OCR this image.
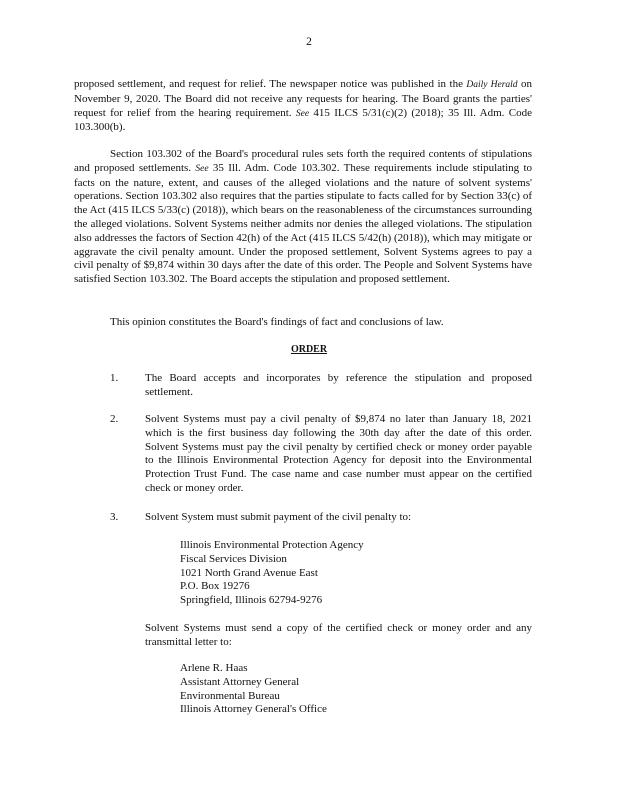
2

proposed settlement, and request for relief. The newspaper notice was published in the Daily Herald on November 9, 2020. The Board did not receive any requests for hearing. The Board grants the parties' request for relief from the hearing requirement. See 415 ILCS 5/31(c)(2) (2018); 35 Ill. Adm. Code 103.300(b).

Section 103.302 of the Board's procedural rules sets forth the required contents of stipulations and proposed settlements. See 35 Ill. Adm. Code 103.302. These requirements include stipulating to facts on the nature, extent, and causes of the alleged violations and the nature of solvent systems' operations. Section 103.302 also requires that the parties stipulate to facts called for by Section 33(c) of the Act (415 ILCS 5/33(c) (2018)), which bears on the reasonableness of the circumstances surrounding the alleged violations. Solvent Systems neither admits nor denies the alleged violations. The stipulation also addresses the factors of Section 42(h) of the Act (415 ILCS 5/42(h) (2018)), which may mitigate or aggravate the civil penalty amount. Under the proposed settlement, Solvent Systems agrees to pay a civil penalty of $9,874 within 30 days after the date of this order. The People and Solvent Systems have satisfied Section 103.302. The Board accepts the stipulation and proposed settlement.

This opinion constitutes the Board's findings of fact and conclusions of law.

ORDER
1. The Board accepts and incorporates by reference the stipulation and proposed settlement.

2. Solvent Systems must pay a civil penalty of $9,874 no later than January 18, 2021 which is the first business day following the 30th day after the date of this order. Solvent Systems must pay the civil penalty by certified check or money order payable to the Illinois Environmental Protection Agency for deposit into the Environmental Protection Trust Fund. The case name and case number must appear on the certified check or money order.

3. Solvent System must submit payment of the civil penalty to:

Illinois Environmental Protection Agency
Fiscal Services Division
1021 North Grand Avenue East
P.O. Box 19276
Springfield, Illinois 62794-9276

Solvent Systems must send a copy of the certified check or money order and any transmittal letter to:

Arlene R. Haas
Assistant Attorney General
Environmental Bureau
Illinois Attorney General's Office
